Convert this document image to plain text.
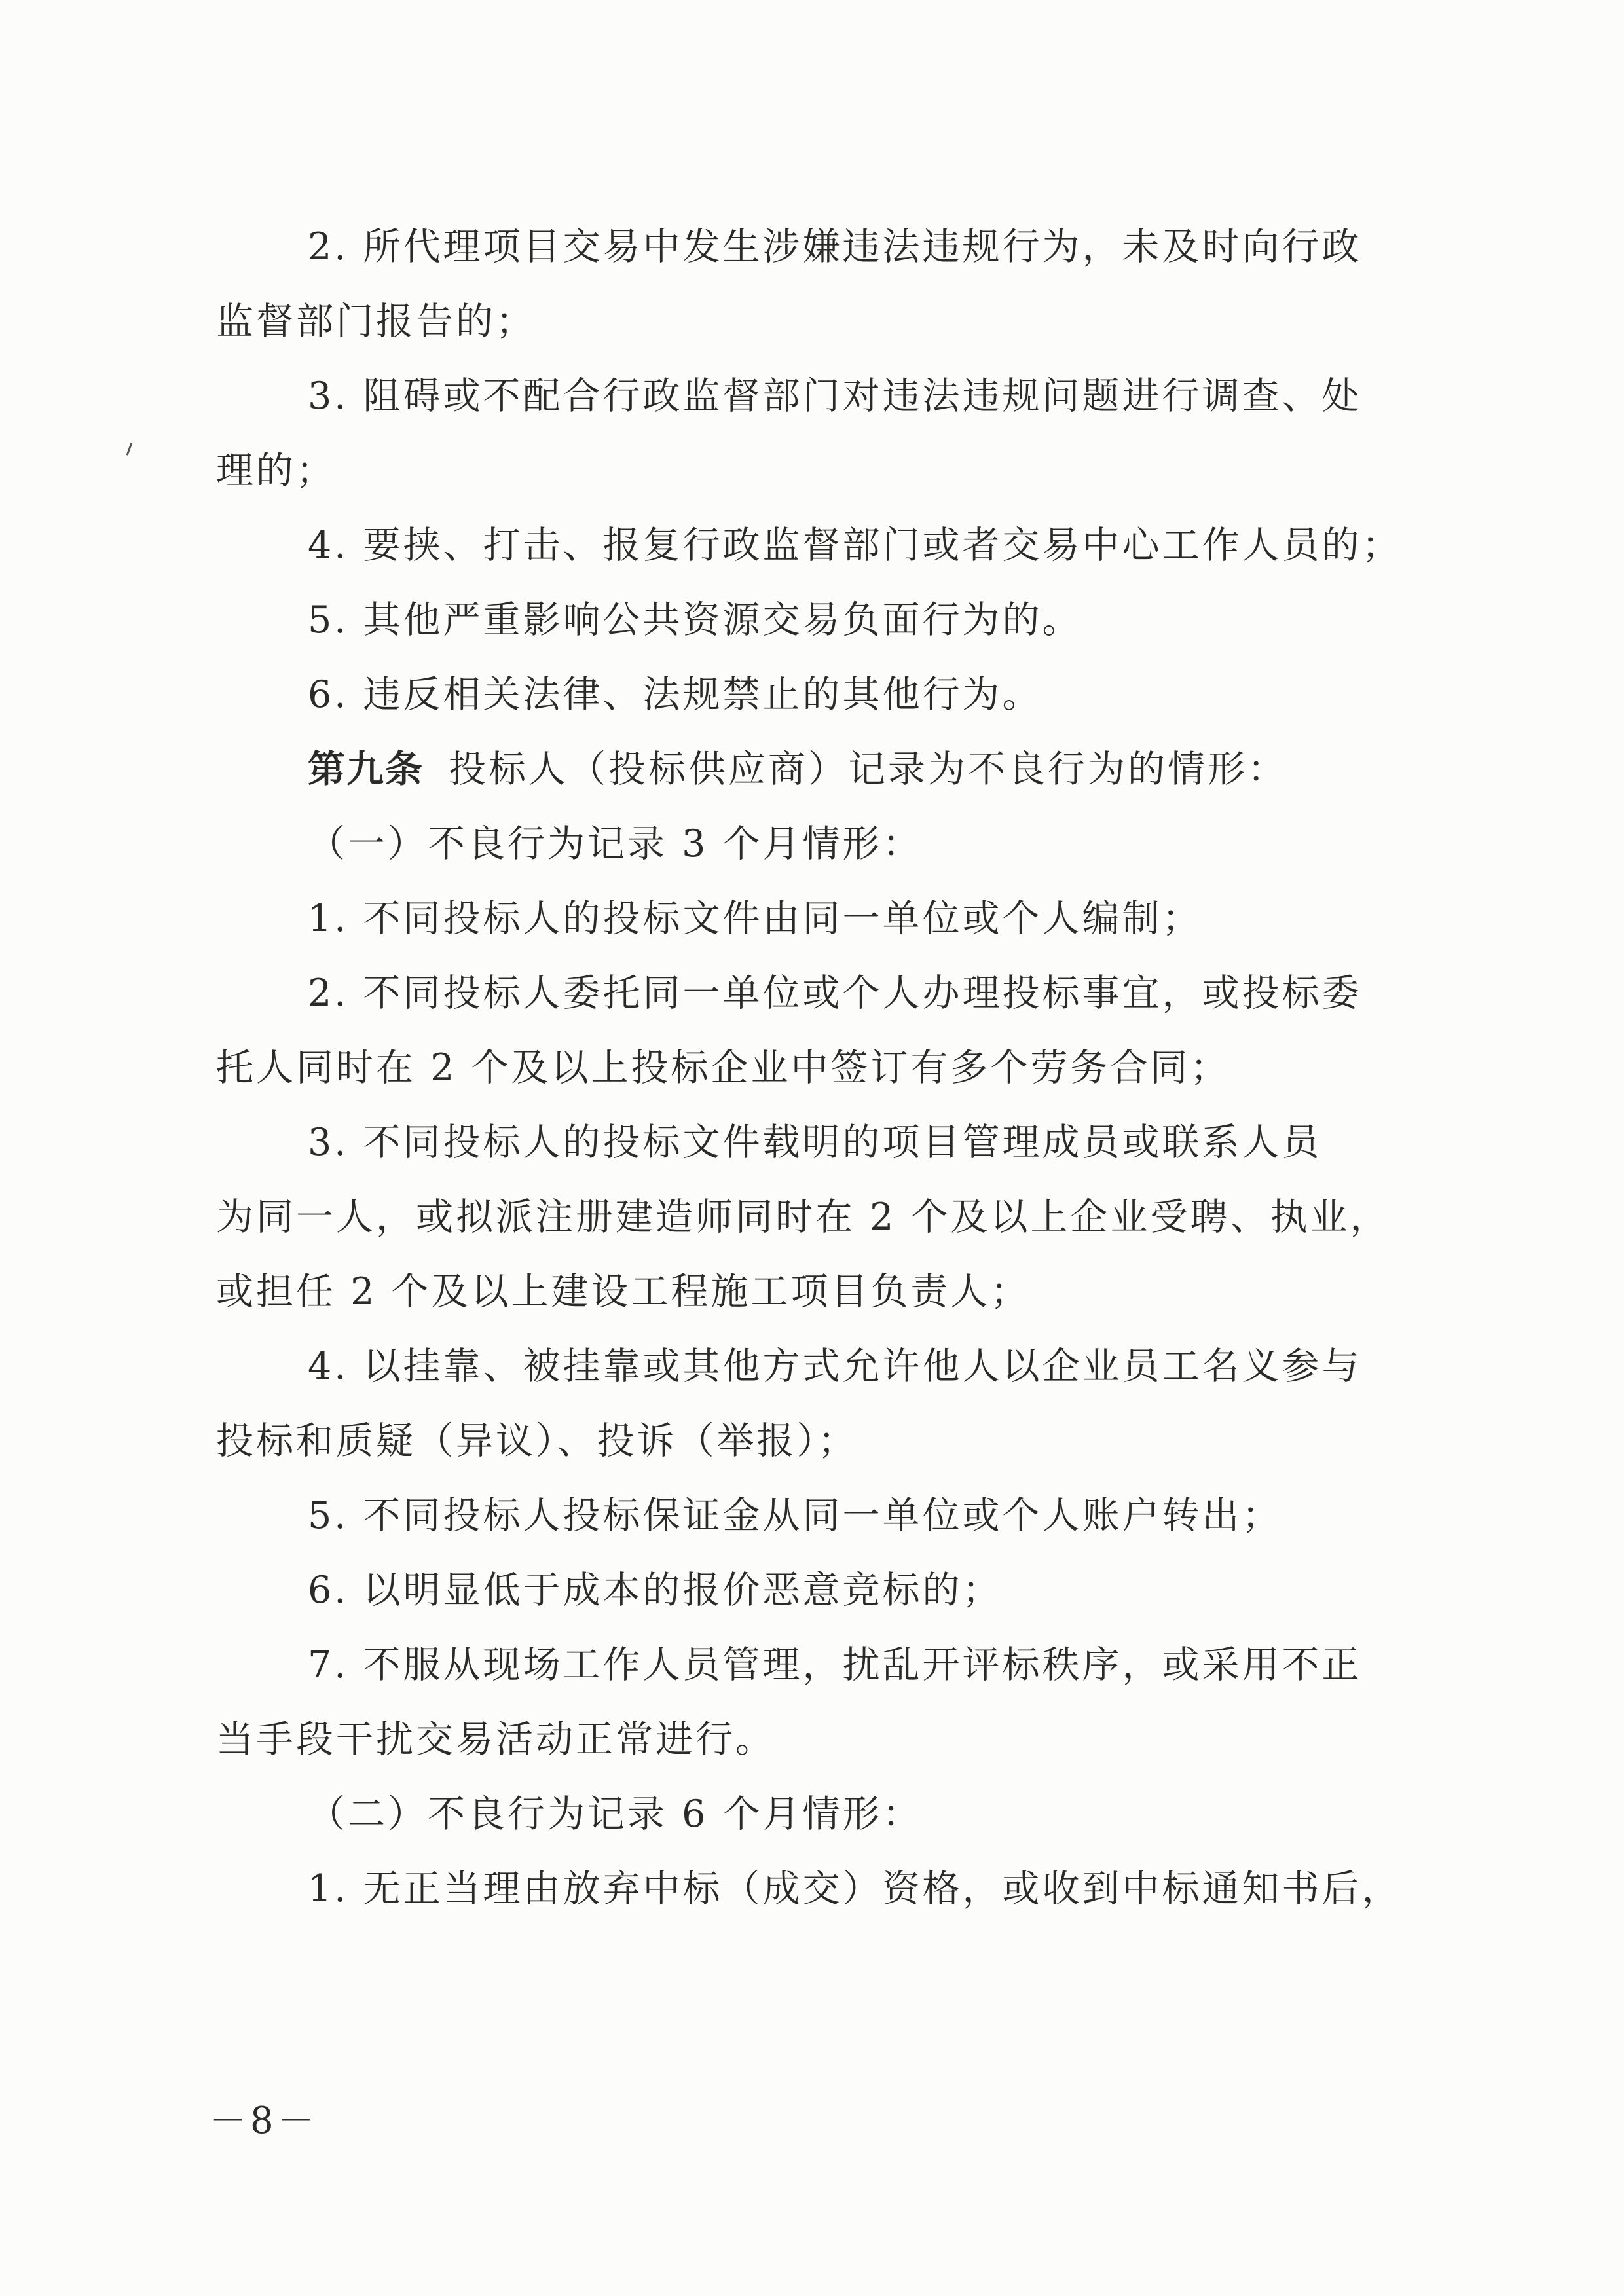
2. 所代理项目交易中发生涉嫌违法违规行为，未及时向行政
监督部门报告的；
3. 阻碍或不配合行政监督部门对违法违规问题进行调查、处
理的；
4. 要挟、打击、报复行政监督部门或者交易中心工作人员的；
5. 其他严重影响公共资源交易负面行为的。
6. 违反相关法律、法规禁止的其他行为。
第九条 投标人（投标供应商）记录为不良行为的情形：
（一）不良行为记录 3 个月情形：
1. 不同投标人的投标文件由同一单位或个人编制；
2. 不同投标人委托同一单位或个人办理投标事宜，或投标委
托人同时在 2 个及以上投标企业中签订有多个劳务合同；
3. 不同投标人的投标文件载明的项目管理成员或联系人员
为同一人，或拟派注册建造师同时在 2 个及以上企业受聘、执业，
或担任 2 个及以上建设工程施工项目负责人；
4. 以挂靠、被挂靠或其他方式允许他人以企业员工名义参与
投标和质疑（异议）、投诉（举报）；
5. 不同投标人投标保证金从同一单位或个人账户转出；
6. 以明显低于成本的报价恶意竞标的；
7. 不服从现场工作人员管理，扰乱开评标秩序，或采用不正
当手段干扰交易活动正常进行。
（二）不良行为记录 6 个月情形：
1. 无正当理由放弃中标（成交）资格，或收到中标通知书后，
－8－
